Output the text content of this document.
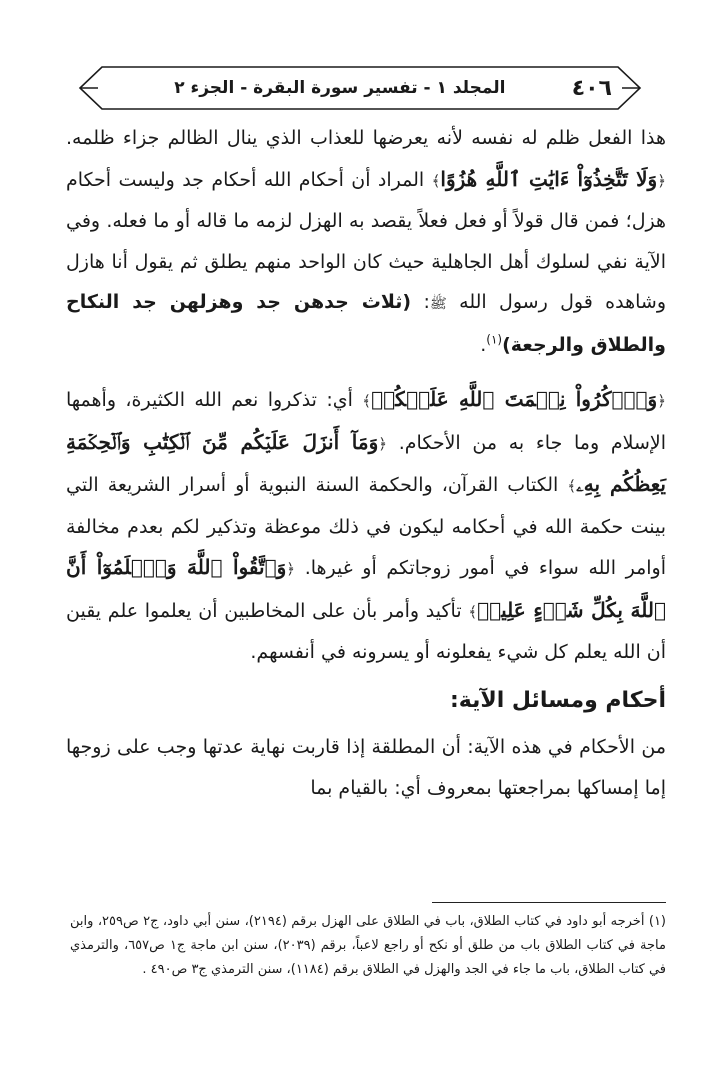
٤٠٦
المجلد ١ - تفسير سورة البقرة - الجزء ٢

هذا الفعل ظلم له نفسه لأنه يعرضها للعذاب الذي ينال الظالم جزاء ظلمه. ﴿وَلَا تَتَّخِذُوٓاْ ءَايَٰتِ ٱللَّهِ هُزُوًا﴾ المراد أن أحكام الله أحكام جد وليست أحكام هزل؛ فمن قال قولاً أو فعل فعلاً يقصد به الهزل لزمه ما قاله أو ما فعله. وفي الآية نفي لسلوك أهل الجاهلية حيث كان الواحد منهم يطلق ثم يقول أنا هازل وشاهده قول رسول الله ﷺ: (ثلاث جدهن جد وهزلهن جد النكاح والطلاق والرجعة)$^{(١)}$.

﴿وَٱذۡكُرُواْ نِعۡمَتَ ٱللَّهِ عَلَيۡكُمۡ﴾ أي: تذكروا نعم الله الكثيرة، وأهمها الإسلام وما جاء به من الأحكام. ﴿وَمَآ أَنزَلَ عَلَيۡكُم مِّنَ ٱلۡكِتَٰبِ وَٱلۡحِكۡمَةِ يَعِظُكُم بِهِۦ﴾ الكتاب القرآن، والحكمة السنة النبوية أو أسرار الشريعة التي بينت حكمة الله في أحكامه ليكون في ذلك موعظة وتذكير لكم بعدم مخالفة أوامر الله سواء في أمور زوجاتكم أو غيرها. ﴿وَٱتَّقُواْ ٱللَّهَ وَٱعۡلَمُوٓاْ أَنَّ ٱللَّهَ بِكُلِّ شَيۡءٍ عَلِيمٞ﴾ تأكيد وأمر بأن على المخاطبين أن يعلموا علم يقين أن الله يعلم كل شيء يفعلونه أو يسرونه في أنفسهم.

أحكام ومسائل الآية:

من الأحكام في هذه الآية: أن المطلقة إذا قاربت نهاية عدتها وجب على زوجها إما إمساكها بمراجعتها بمعروف أي: بالقيام بما

(١) أخرجه أبو داود في كتاب الطلاق، باب في الطلاق على الهزل برقم (٢١٩٤)، سنن أبي داود، ج٢ ص٢٥٩، وابن ماجة في كتاب الطلاق باب من طلق أو نكح أو راجع لاعباً، برقم (٢٠٣٩)، سنن ابن ماجة ج١ ص٦٥٧، والترمذي في كتاب الطلاق، باب ما جاء في الجد والهزل في الطلاق برقم (١١٨٤)، سنن الترمذي ج٣ ص٤٩٠ .
